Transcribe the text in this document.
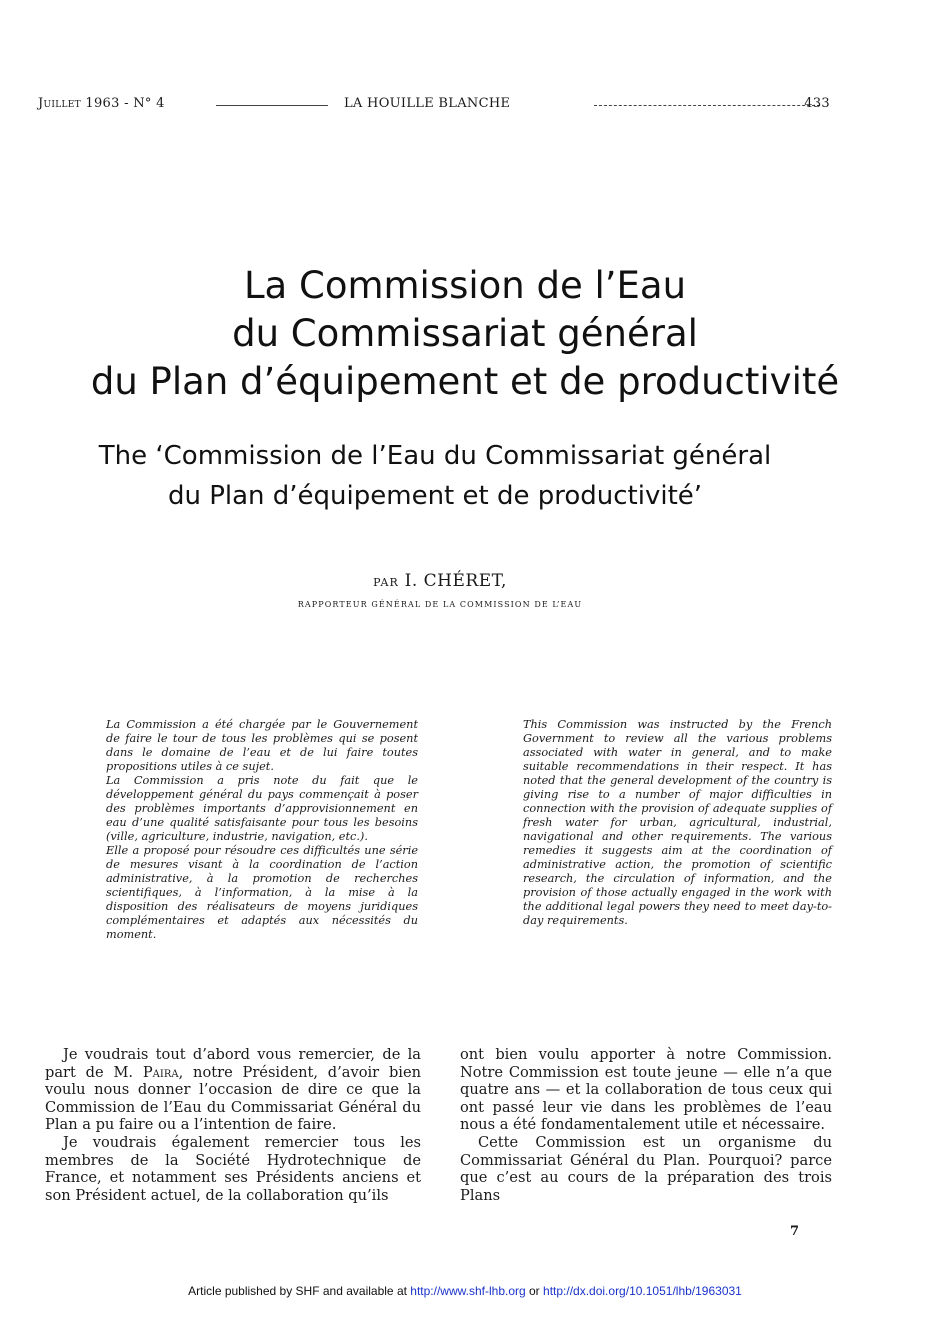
Juillet 1963 - N° 4	LA HOUILLE BLANCHE	433
La Commission de l’Eau
du Commissariat général
du Plan d’équipement et de productivité
The ‘Commission de l’Eau du Commissariat général
du Plan d’équipement et de productivité’
PAR I. CHÉRET,
RAPPORTEUR GÉNÉRAL DE LA COMMISSION DE L’EAU

La Commission a été chargée par le Gouvernement de faire le tour de tous les problèmes qui se posent dans le domaine de l’eau et de lui faire toutes propositions utiles à ce sujet.

La Commission a pris note du fait que le développement général du pays commençait à poser des problèmes importants d’approvisionnement en eau d’une qualité satisfaisante pour tous les besoins (ville, agriculture, industrie, navigation, etc.).

Elle a proposé pour résoudre ces difficultés une série de mesures visant à la coordination de l’action administrative, à la promotion de recherches scientifiques, à l’information, à la mise à la disposition des réalisateurs de moyens juridiques complémentaires et adaptés aux nécessités du moment.

This Commission was instructed by the French Government to review all the various problems associated with water in general, and to make suitable recommendations in their respect. It has noted that the general development of the country is giving rise to a number of major difficulties in connection with the provision of adequate supplies of fresh water for urban, agricultural, industrial, navigational and other requirements. The various remedies it suggests aim at the coordination of administrative action, the promotion of scientific research, the circulation of information, and the provision of those actually engaged in the work with the additional legal powers they need to meet day-to-day requirements.

Je voudrais tout d’abord vous remercier, de la part de M. Paira, notre Président, d’avoir bien voulu nous donner l’occasion de dire ce que la Commission de l’Eau du Commissariat Général du Plan a pu faire ou a l’intention de faire.

Je voudrais également remercier tous les membres de la Société Hydrotechnique de France, et notamment ses Présidents anciens et son Président actuel, de la collaboration qu’ils

ont bien voulu apporter à notre Commission. Notre Commission est toute jeune — elle n’a que quatre ans — et la collaboration de tous ceux qui ont passé leur vie dans les problèmes de l’eau nous a été fondamentalement utile et nécessaire.

Cette Commission est un organisme du Commissariat Général du Plan. Pourquoi? parce que c’est au cours de la préparation des trois Plans

7
Article published by SHF and available at http://www.shf-lhb.org or http://dx.doi.org/10.1051/lhb/1963031
